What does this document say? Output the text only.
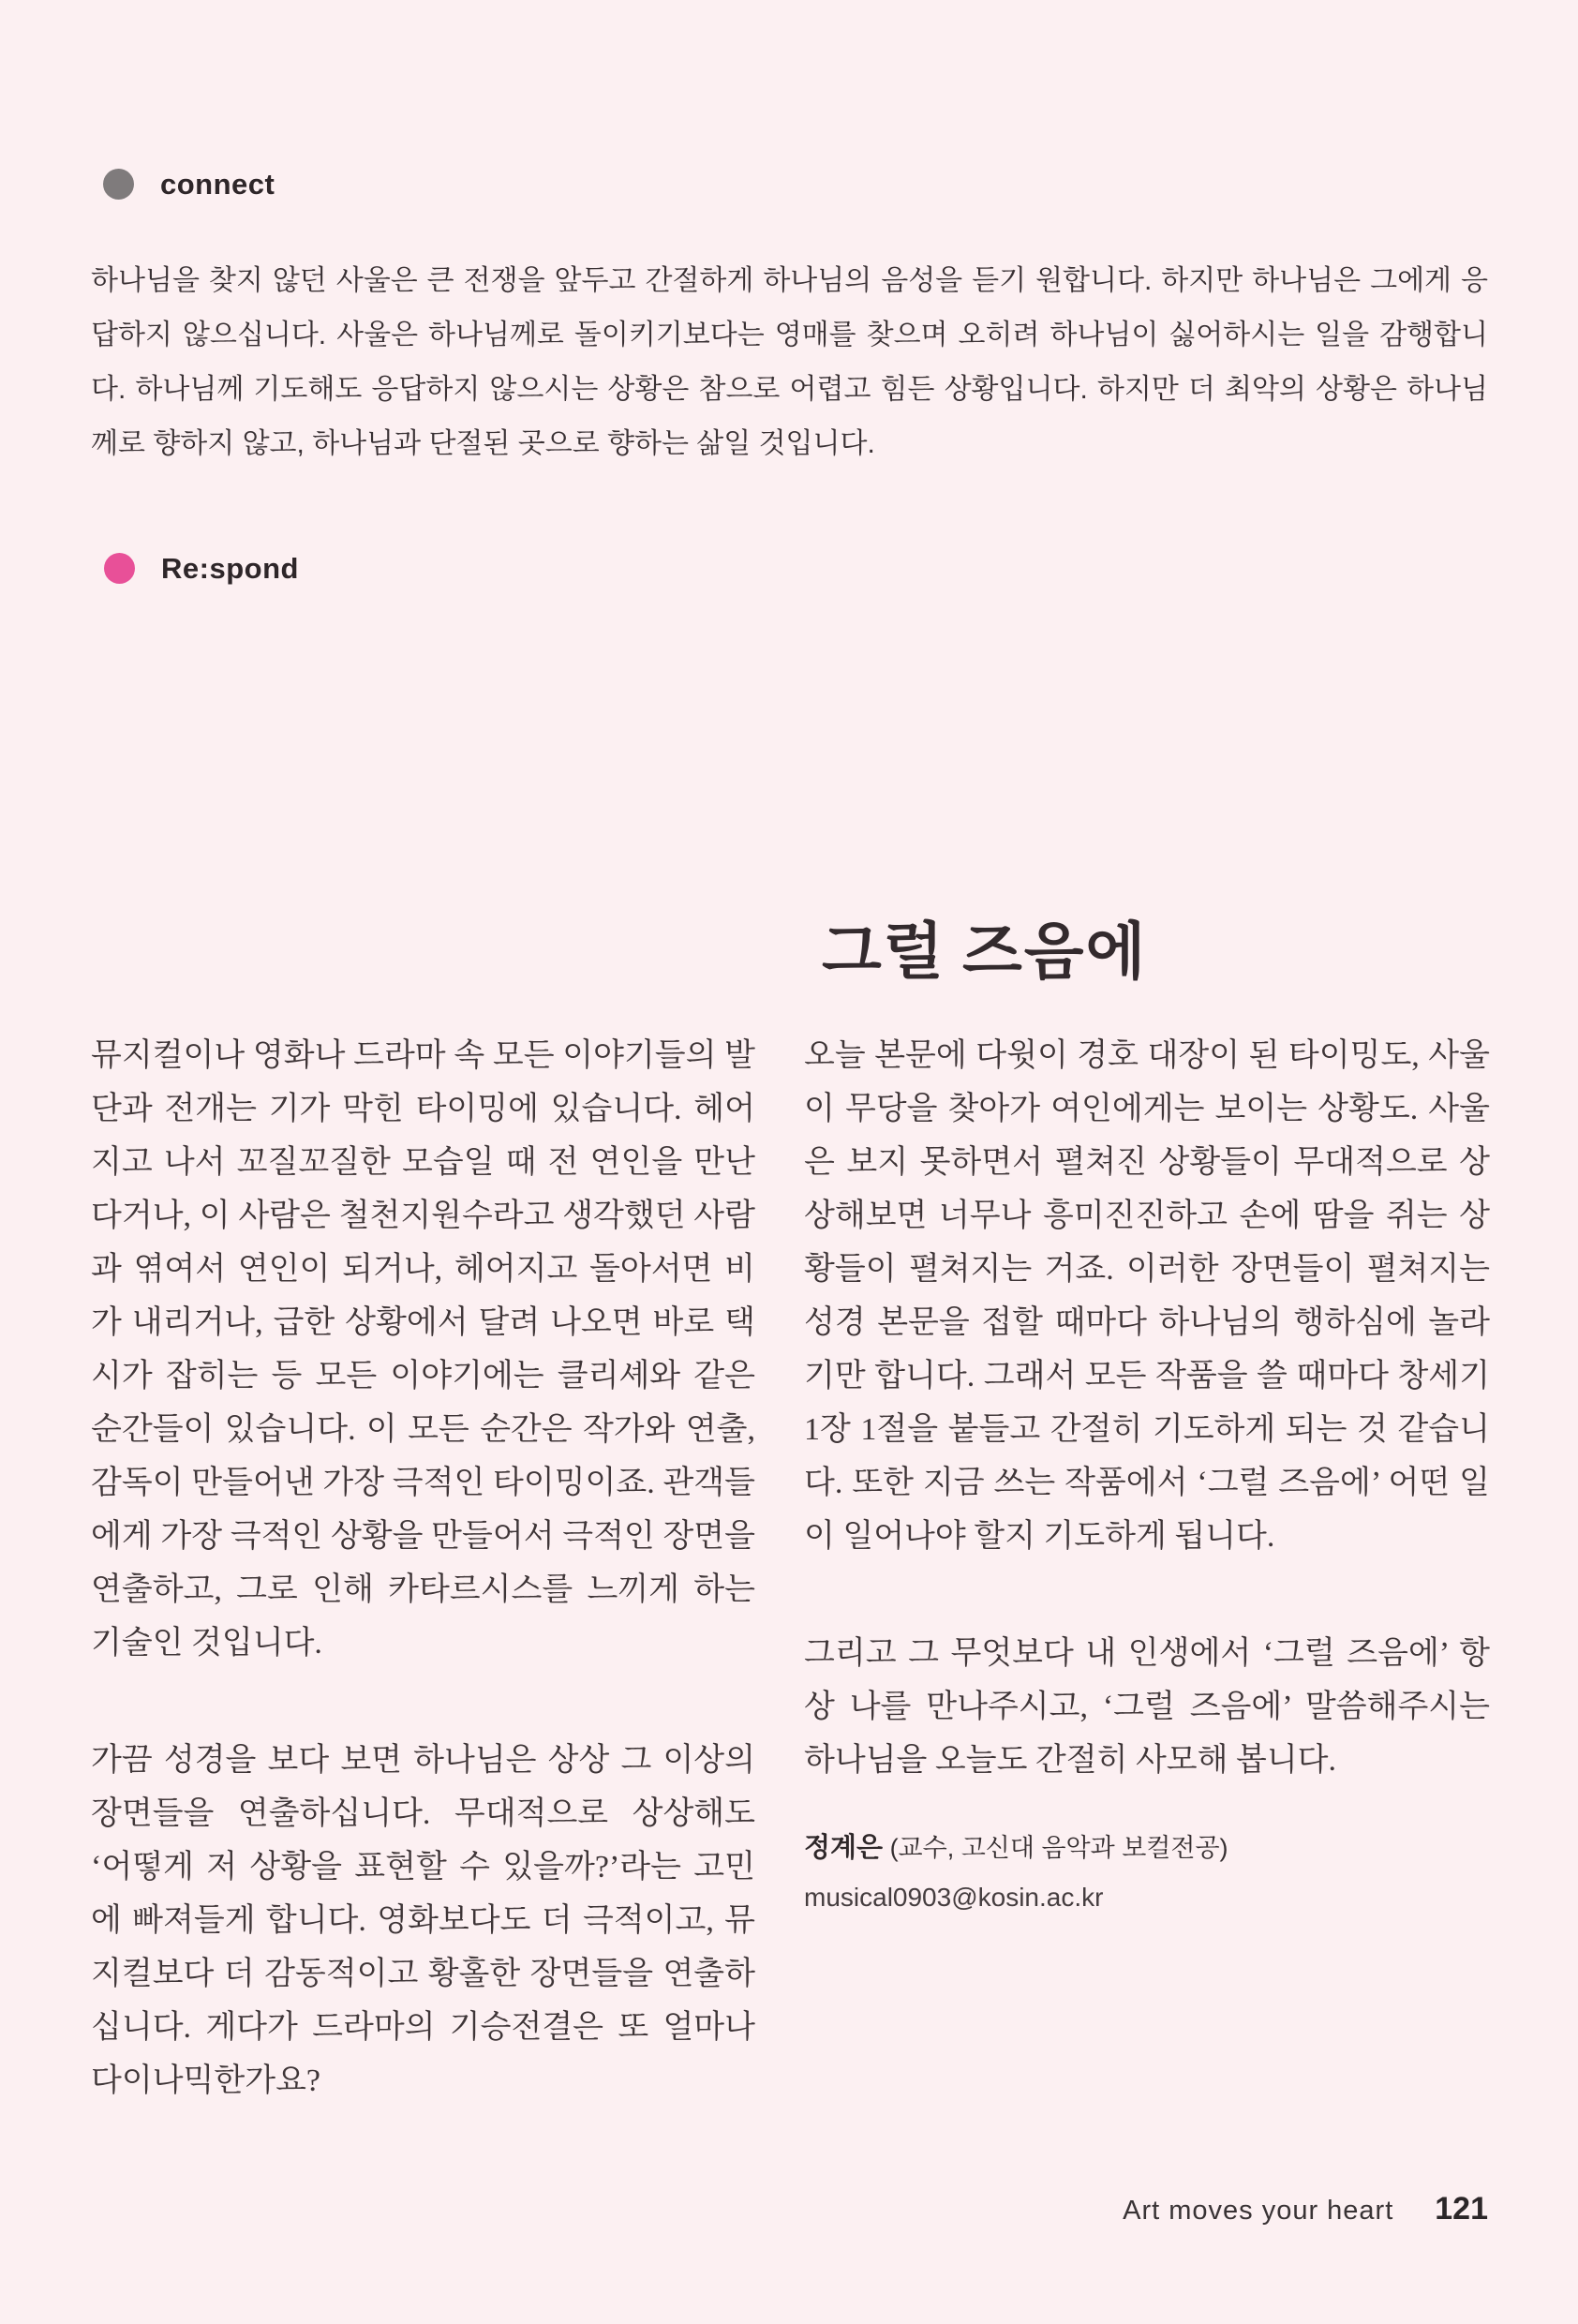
connect

하나님을 찾지 않던 사울은 큰 전쟁을 앞두고 간절하게 하나님의 음성을 듣기 원합니다. 하지만 하나님은 그에게 응답하지 않으십니다. 사울은 하나님께로 돌이키기보다는 영매를 찾으며 오히려 하나님이 싫어하시는 일을 감행합니다. 하나님께 기도해도 응답하지 않으시는 상황은 참으로 어렵고 힘든 상황입니다. 하지만 더 최악의 상황은 하나님께로 향하지 않고, 하나님과 단절된 곳으로 향하는 삶일 것입니다.

Re:spond
그럴 즈음에

뮤지컬이나 영화나 드라마 속 모든 이야기들의 발단과 전개는 기가 막힌 타이밍에 있습니다. 헤어지고 나서 꼬질꼬질한 모습일 때 전 연인을 만난다거나, 이 사람은 철천지원수라고 생각했던 사람과 엮여서 연인이 되거나, 헤어지고 돌아서면 비가 내리거나, 급한 상황에서 달려 나오면 바로 택시가 잡히는 등 모든 이야기에는 클리셰와 같은 순간들이 있습니다. 이 모든 순간은 작가와 연출, 감독이 만들어낸 가장 극적인 타이밍이죠. 관객들에게 가장 극적인 상황을 만들어서 극적인 장면을 연출하고, 그로 인해 카타르시스를 느끼게 하는 기술인 것입니다.

가끔 성경을 보다 보면 하나님은 상상 그 이상의 장면들을 연출하십니다. 무대적으로 상상해도 ‘어떻게 저 상황을 표현할 수 있을까?’라는 고민에 빠져들게 합니다. 영화보다도 더 극적이고, 뮤지컬보다 더 감동적이고 황홀한 장면들을 연출하십니다. 게다가 드라마의 기승전결은 또 얼마나 다이나믹한가요?

오늘 본문에 다윗이 경호 대장이 된 타이밍도, 사울이 무당을 찾아가 여인에게는 보이는 상황도. 사울은 보지 못하면서 펼쳐진 상황들이 무대적으로 상상해보면 너무나 흥미진진하고 손에 땀을 쥐는 상황들이 펼쳐지는 거죠. 이러한 장면들이 펼쳐지는 성경 본문을 접할 때마다 하나님의 행하심에 놀라기만 합니다. 그래서 모든 작품을 쓸 때마다 창세기 1장 1절을 붙들고 간절히 기도하게 되는 것 같습니다. 또한 지금 쓰는 작품에서 ‘그럴 즈음에’ 어떤 일이 일어나야 할지 기도하게 됩니다.

그리고 그 무엇보다 내 인생에서 ‘그럴 즈음에’ 항상 나를 만나주시고, ‘그럴 즈음에’ 말씀해주시는 하나님을 오늘도 간절히 사모해 봅니다.

정계은 (교수, 고신대 음악과 보컬전공)
musical0903@kosin.ac.kr
Art moves your heart 121
